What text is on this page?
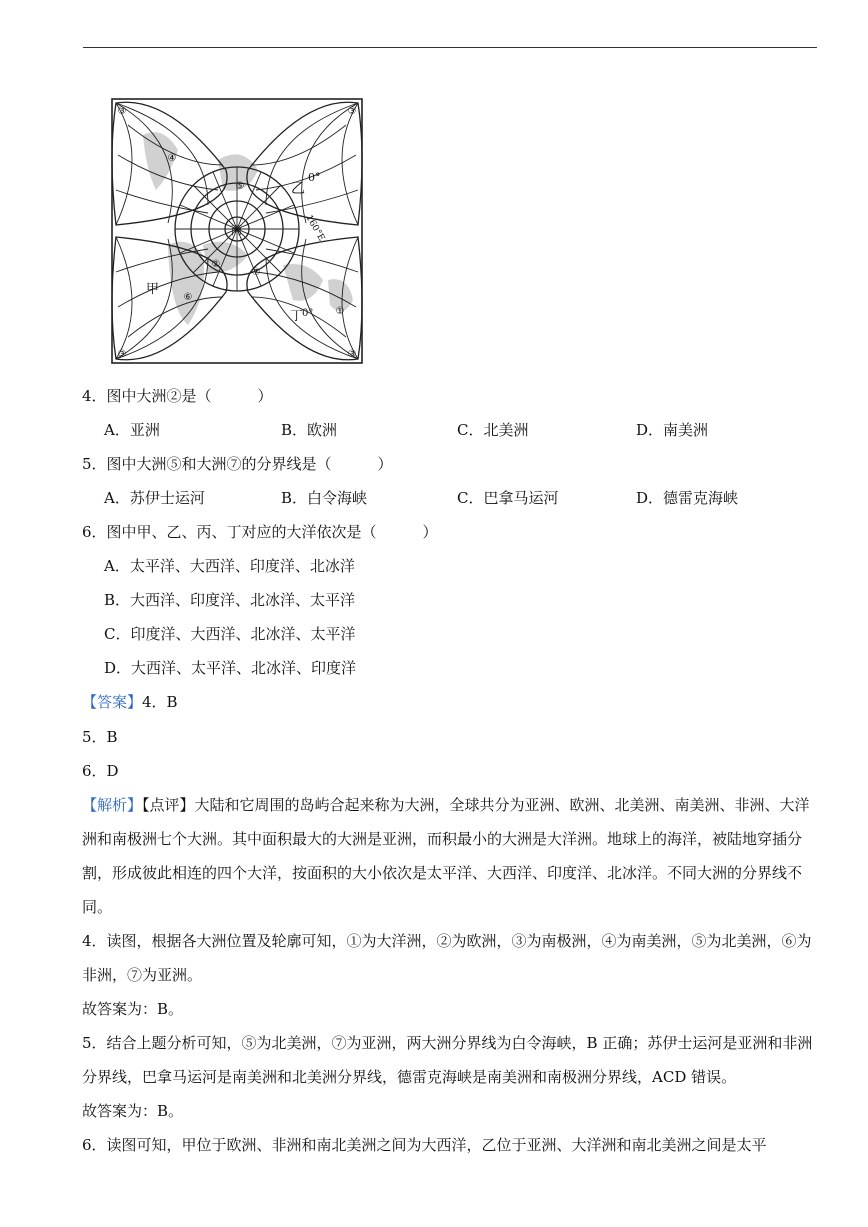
③	③
③	③
④
⑤
②
⑦
⑥
①
乙
0°
丙	160°E
甲
丁
0°
4．图中大洲②是（	）
A．亚洲	B．欧洲	C．北美洲	D．南美洲
5．图中大洲⑤和大洲⑦的分界线是（	）
A．苏伊士运河	B．白令海峡	C．巴拿马运河	D．德雷克海峡
6．图中甲、乙、丙、丁对应的大洋依次是（	）
A．太平洋、大西洋、印度洋、北冰洋
B．大西洋、印度洋、北冰洋、太平洋
C．印度洋、大西洋、北冰洋、太平洋
D．大西洋、太平洋、北冰洋、印度洋
【答案】4．B
5．B
6．D
【解析】【点评】大陆和它周围的岛屿合起来称为大洲，全球共分为亚洲、欧洲、北美洲、南美洲、非洲、大洋洲和南极洲七个大洲。其中面积最大的大洲是亚洲，而积最小的大洲是大洋洲。地球上的海洋，被陆地穿插分割，形成彼此相连的四个大洋，按面积的大小依次是太平洋、大西洋、印度洋、北冰洋。不同大洲的分界线不同。
4．读图，根据各大洲位置及轮廓可知，①为大洋洲，②为欧洲，③为南极洲，④为南美洲，⑤为北美洲，⑥为非洲，⑦为亚洲。
故答案为：B。
5．结合上题分析可知，⑤为北美洲，⑦为亚洲，两大洲分界线为白令海峡，B 正确；苏伊士运河是亚洲和非洲分界线，巴拿马运河是南美洲和北美洲分界线，德雷克海峡是南美洲和南极洲分界线，ACD 错误。
故答案为：B。
6．读图可知，甲位于欧洲、非洲和南北美洲之间为大西洋，乙位于亚洲、大洋洲和南北美洲之间是太平
